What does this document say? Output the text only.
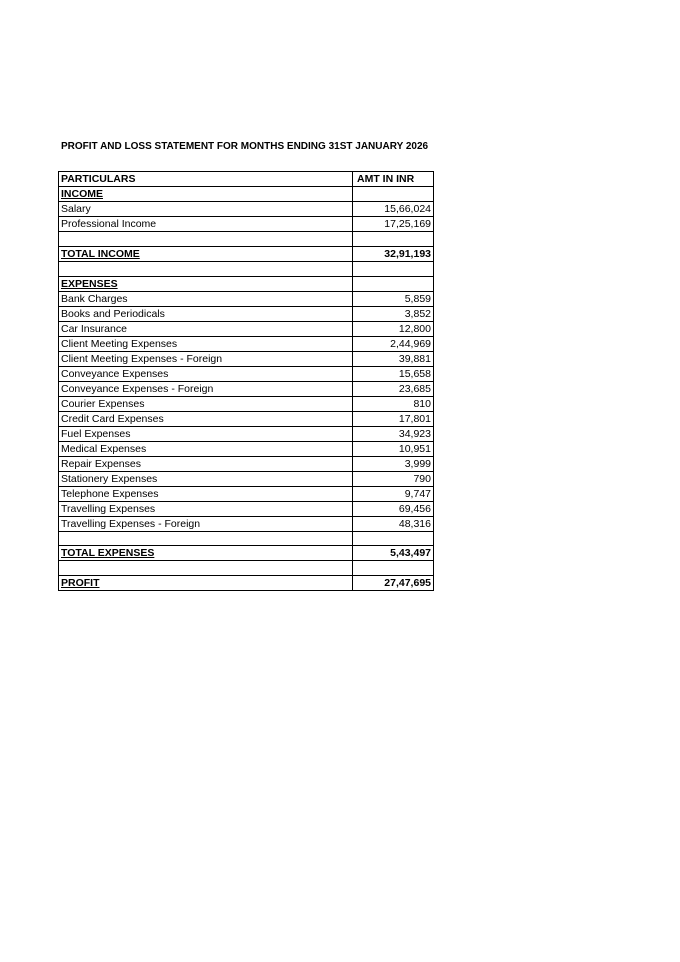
PROFIT AND LOSS STATEMENT FOR MONTHS ENDING 31ST JANUARY 2026
PARTICULARS	AMT IN INR
INCOME	
Salary	15,66,024
Professional Income	17,25,169

TOTAL INCOME	32,91,193

EXPENSES	
Bank Charges	5,859
Books and Periodicals	3,852
Car Insurance	12,800
Client Meeting Expenses	2,44,969
Client Meeting Expenses - Foreign	39,881
Conveyance Expenses	15,658
Conveyance Expenses - Foreign	23,685
Courier Expenses	810
Credit Card Expenses	17,801
Fuel Expenses	34,923
Medical Expenses	10,951
Repair Expenses	3,999
Stationery Expenses	790
Telephone Expenses	9,747
Travelling Expenses	69,456
Travelling Expenses - Foreign	48,316

TOTAL EXPENSES	5,43,497

PROFIT	27,47,695
